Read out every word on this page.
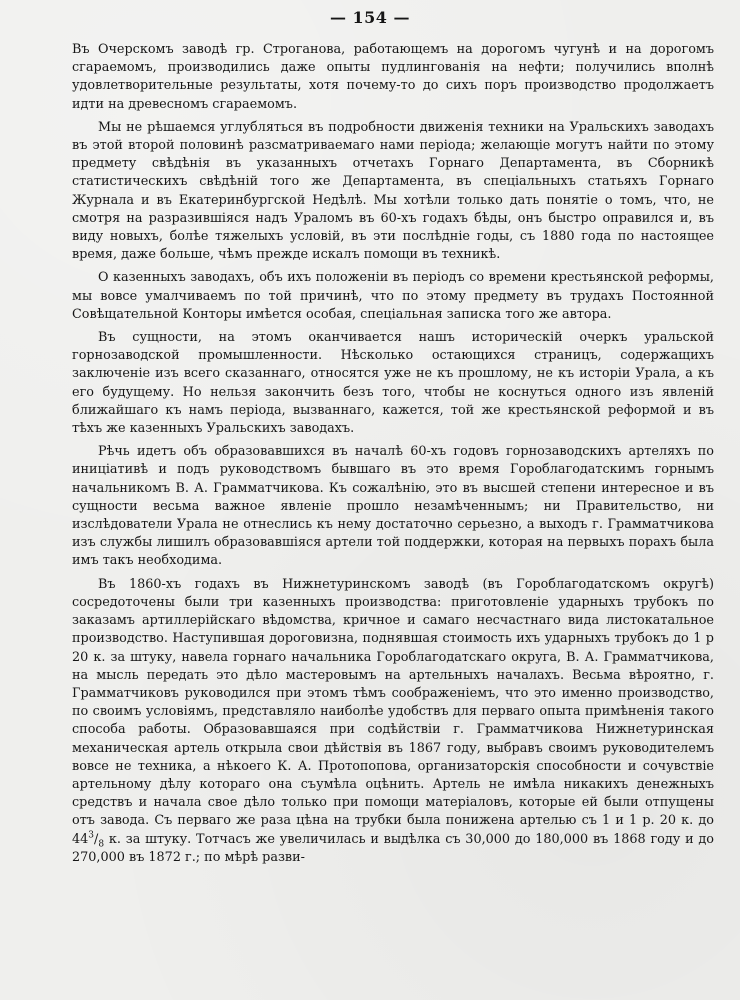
— 154 —

Въ Очерскомъ заводѣ гр. Строганова, работающемъ на дорогомъ чугунѣ и на дорогомъ сгараемомъ, производились даже опыты пудлингованія на нефти; получились вполнѣ удовлетворительные результаты, хотя почему-то до сихъ поръ производство продолжаетъ идти на древесномъ сгараемомъ.

Мы не рѣшаемся углубляться въ подробности движенія техники на Уральскихъ заводахъ въ этой второй половинѣ разсматриваемаго нами періода; желающіе могутъ найти по этому предмету свѣдѣнія въ указанныхъ отчетахъ Горнаго Департамента, въ Сборникѣ статистическихъ свѣдѣній того же Департамента, въ спеціальныхъ статьяхъ Горнаго Журнала и въ Екатеринбургской Недѣлѣ. Мы хотѣли только дать понятіе о томъ, что, не смотря на разразившіяся надъ Ураломъ въ 60-хъ годахъ бѣды, онъ быстро оправился и, въ виду новыхъ, болѣе тяжелыхъ условій, въ эти послѣдніе годы, съ 1880 года по настоящее время, даже больше, чѣмъ прежде искалъ помощи въ техникѣ.

О казенныхъ заводахъ, объ ихъ положеніи въ періодъ со времени крестьянской реформы, мы вовсе умалчиваемъ по той причинѣ, что по этому предмету въ трудахъ Постоянной Совѣщательной Конторы имѣется особая, спеціальная записка того же автора.

Въ сущности, на этомъ оканчивается нашъ историческій очеркъ уральской горнозаводской промышленности. Нѣсколько остающихся страницъ, содержащихъ заключеніе изъ всего сказаннаго, относятся уже не къ прошлому, не къ исторіи Урала, а къ его будущему. Но нельзя закончить безъ того, чтобы не коснуться одного изъ явленій ближайшаго къ намъ періода, вызваннаго, кажется, той же крестьянской реформой и въ тѣхъ же казенныхъ Уральскихъ заводахъ.

Рѣчь идетъ объ образовавшихся въ началѣ 60-хъ годовъ горнозаводскихъ артеляхъ по иниціативѣ и подъ руководствомъ бывшаго въ это время Гороблагодатскимъ горнымъ начальникомъ В. А. Грамматчикова. Къ сожалѣнію, это въ высшей степени интересное и въ сущности весьма важное явленіе прошло незамѣченнымъ; ни Правительство, ни изслѣдователи Урала не отнеслись къ нему достаточно серьезно, а выходъ г. Грамматчикова изъ службы лишилъ образовавшіяся артели той поддержки, которая на первыхъ порахъ была имъ такъ необходима.

Въ 1860-хъ годахъ въ Нижнетуринскомъ заводѣ (въ Гороблагодатскомъ округѣ) сосредоточены были три казенныхъ производства: приготовленіе ударныхъ трубокъ по заказамъ артиллерійскаго вѣдомства, кричное и самаго несчастнаго вида листокатальное производство. Наступившая дороговизна, поднявшая стоимость ихъ ударныхъ трубокъ до 1 р 20 к. за штуку, навела горнаго начальника Гороблагодатскаго округа, В. А. Грамматчикова, на мысль передать это дѣло мастеровымъ на артельныхъ началахъ. Весьма вѣроятно, г. Грамматчиковъ руководился при этомъ тѣмъ соображеніемъ, что это именно производство, по своимъ условіямъ, представляло наиболѣе удобствъ для перваго опыта примѣненія такого способа работы. Образовавшаяся при содѣйствіи г. Грамматчикова Нижнетуринская механическая артель открыла свои дѣйствія въ 1867 году, выбравъ своимъ руководителемъ вовсе не техника, а нѣкоего К. А. Протопопова, организаторскія способности и сочувствіе артельному дѣлу котораго она съумѣла оцѣнить. Артель не имѣла никакихъ денежныхъ средствъ и начала свое дѣло только при помощи матеріаловъ, которые ей были отпущены отъ завода. Съ перваго же раза цѣна на трубки была понижена артелью съ 1 и 1 р. 20 к. до $44^3/_8$ к. за штуку. Тотчасъ же увеличилась и выдѣлка съ 30,000 до 180,000 въ 1868 году и до 270,000 въ 1872 г.; по мѣрѣ разви-
